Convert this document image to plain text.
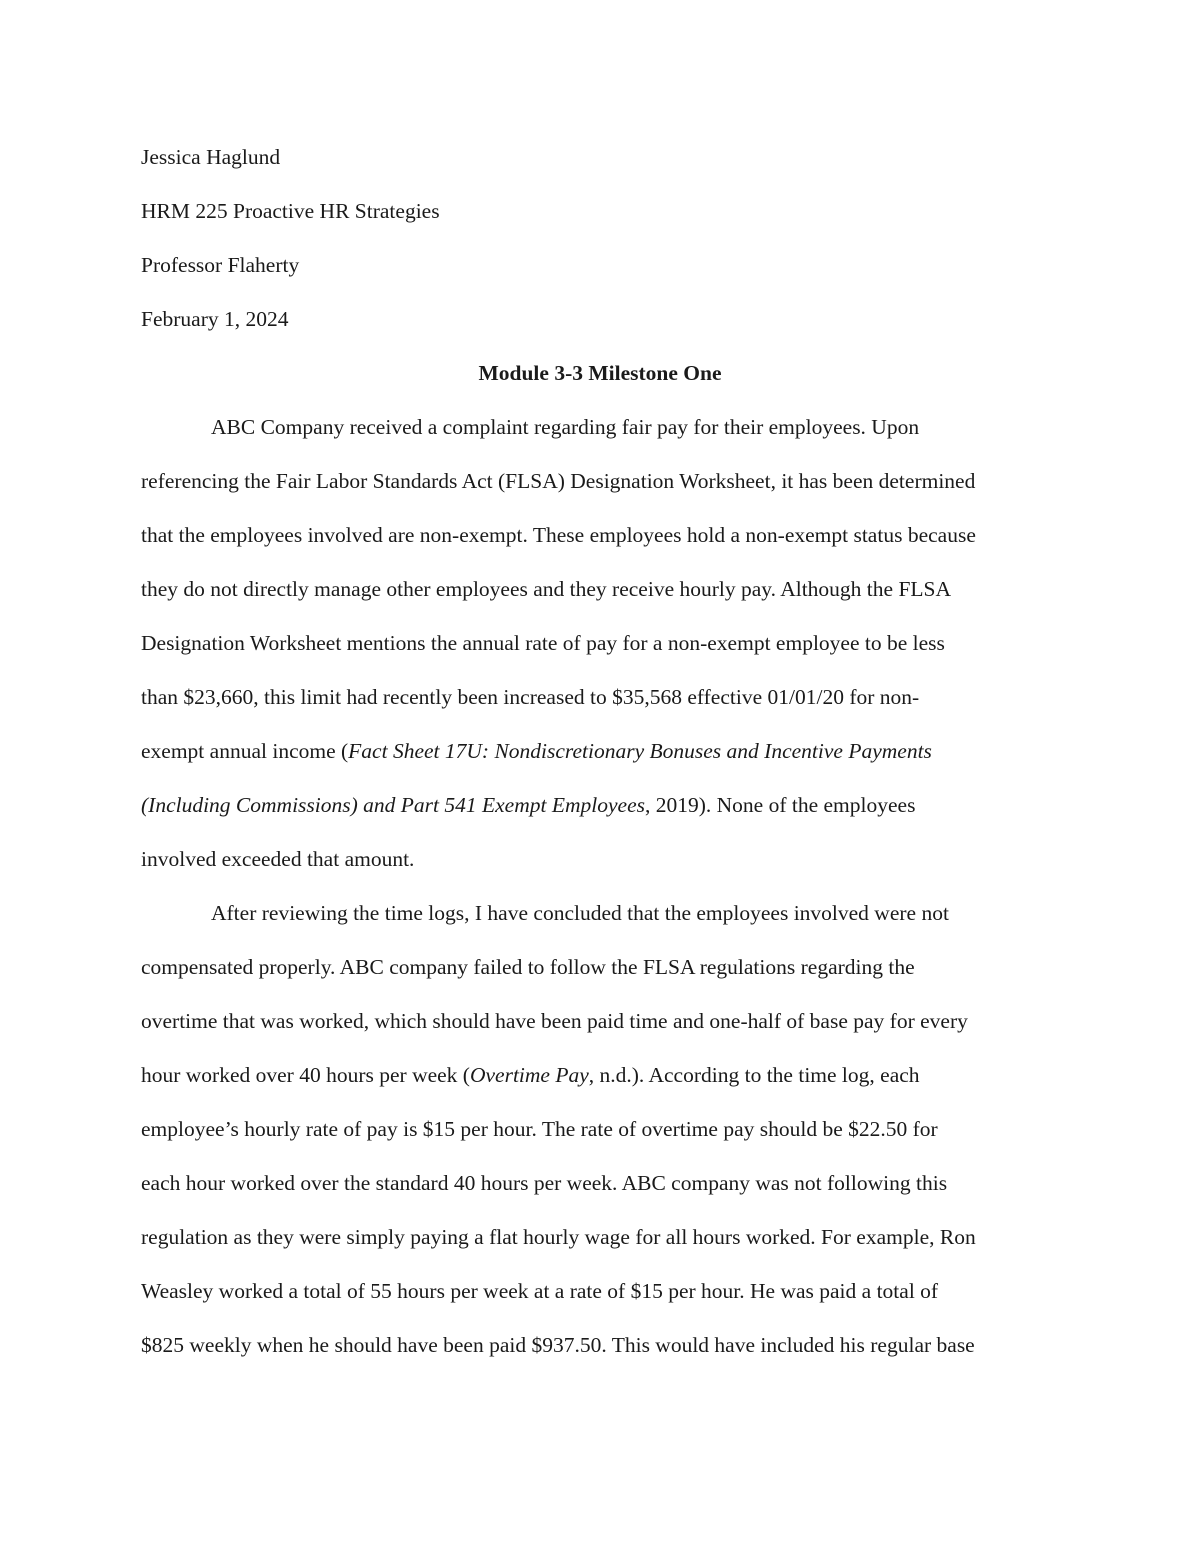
Jessica Haglund

HRM 225 Proactive HR Strategies

Professor Flaherty

February 1, 2024

Module 3-3 Milestone One

ABC Company received a complaint regarding fair pay for their employees. Upon

referencing the Fair Labor Standards Act (FLSA) Designation Worksheet, it has been determined

that the employees involved are non-exempt. These employees hold a non-exempt status because

they do not directly manage other employees and they receive hourly pay. Although the FLSA

Designation Worksheet mentions the annual rate of pay for a non-exempt employee to be less

than $23,660, this limit had recently been increased to $35,568 effective 01/01/20 for non-

exempt annual income (Fact Sheet 17U: Nondiscretionary Bonuses and Incentive Payments

(Including Commissions) and Part 541 Exempt Employees, 2019). None of the employees

involved exceeded that amount.

After reviewing the time logs, I have concluded that the employees involved were not

compensated properly. ABC company failed to follow the FLSA regulations regarding the

overtime that was worked, which should have been paid time and one-half of base pay for every

hour worked over 40 hours per week (Overtime Pay, n.d.). According to the time log, each

employee’s hourly rate of pay is $15 per hour. The rate of overtime pay should be $22.50 for

each hour worked over the standard 40 hours per week. ABC company was not following this

regulation as they were simply paying a flat hourly wage for all hours worked. For example, Ron

Weasley worked a total of 55 hours per week at a rate of $15 per hour. He was paid a total of

$825 weekly when he should have been paid $937.50. This would have included his regular base
